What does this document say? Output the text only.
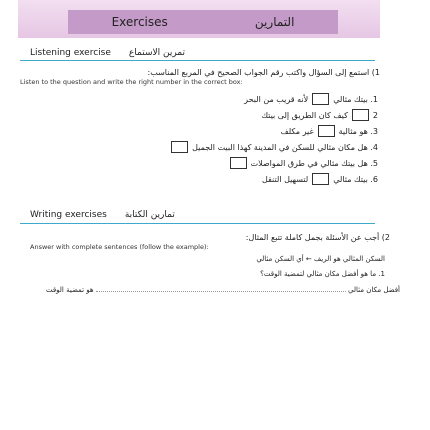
Exercises	التمارين
Listening exercise تمرين الاستماع
1) استمع إلى السؤال واكتب رقم الجواب الصحيح في المربع المناسب:
Listen to the question and write the right number in the correct box:
1. بيتك مثالي
لأنه قريب من البحر
2
كيف كان الطريق إلى بيتك
3. هو مثالية
غير مكلف
4. هل مكان مثالي للسكن في المدينة كهذا البيت الجميل
5. هل بيتك مثالي في طرق المواصلات
6. بيتك مثالي
لتسهيل التنقل
Writing exercises تمارين الكتابة
2) أجب عن الأسئلة بجمل كاملة تتبع المثال:
Answer with complete sentences (follow the example):
السكن المثالي هو الريف ← أي السكن مثالي
1. ما هو أفضل مكان مثالي لتمضية الوقت؟
أفضل مكان مثالي  هو تمضية الوقت
